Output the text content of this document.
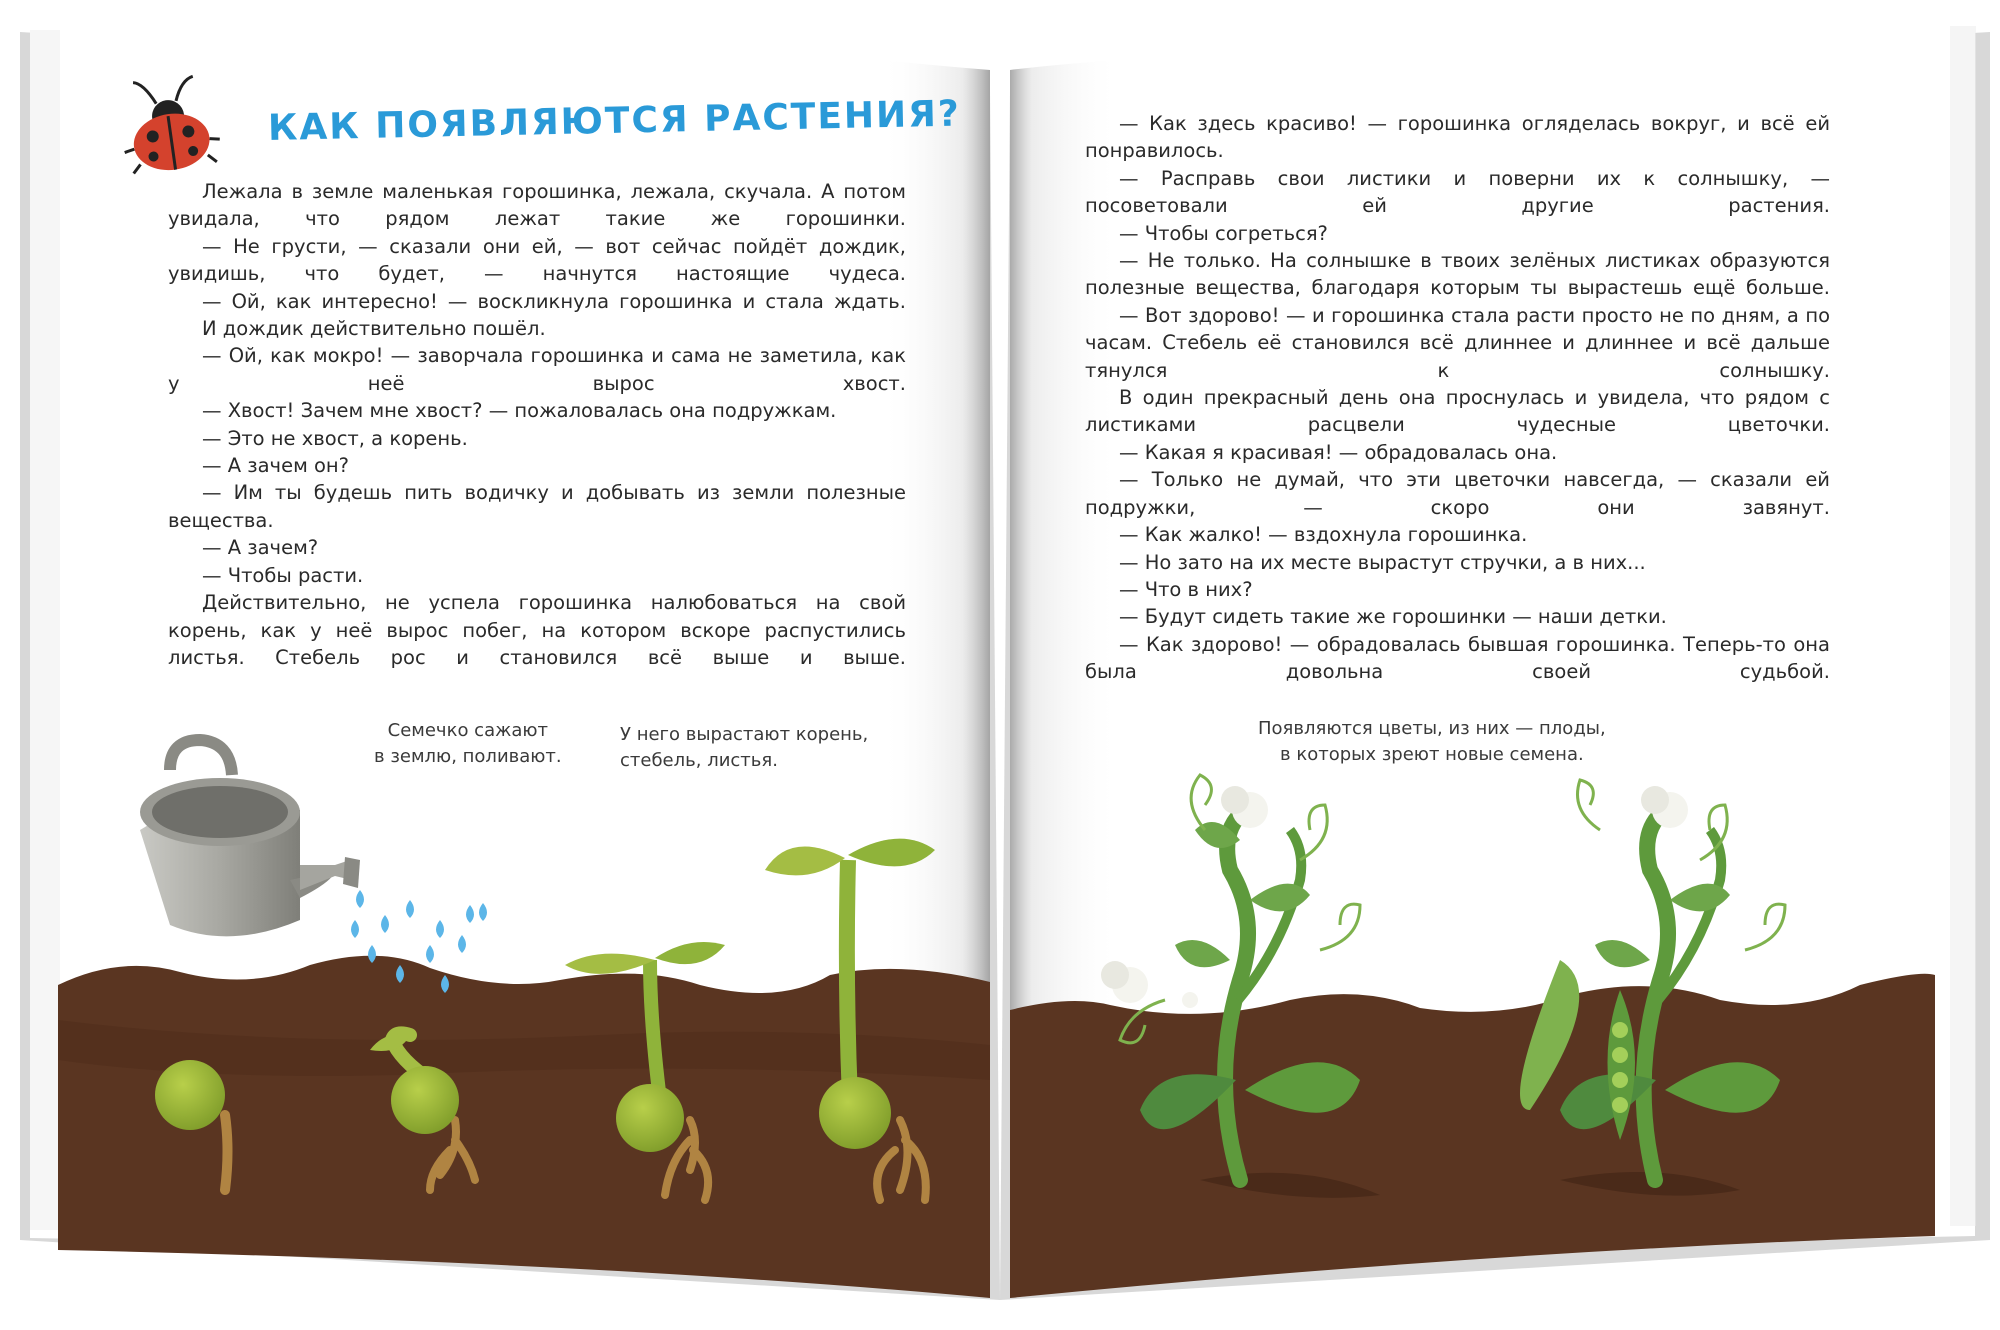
КАК ПОЯВЛЯЮТСЯ РАСТЕНИЯ?

Лежала в земле маленькая горошинка, лежала, скучала. А потом увидала, что рядом лежат такие же горошинки.

— Не грусти, — сказали они ей, — вот сейчас пойдёт дождик, увидишь, что будет, — начнутся настоящие чудеса.

— Ой, как интересно! — воскликнула горошинка и стала ждать.

И дождик действительно пошёл.

— Ой, как мокро! — заворчала горошинка и сама не заметила, как у неё вырос хвост.

— Хвост! Зачем мне хвост? — пожаловалась она подружкам.

— Это не хвост, а корень.

— А зачем он?

— Им ты будешь пить водичку и добывать из земли полезные вещества.

— А зачем?

— Чтобы расти.

Действительно, не успела горошинка налюбоваться на свой корень, как у неё вырос побег, на котором вскоре распустились листья. Стебель рос и становился всё выше и выше.

Семечко сажают
в землю, поливают.
У него вырастают корень,
стебель, листья.

— Как здесь красиво! — горошинка огляделась вокруг, и всё ей понравилось.

— Расправь свои листики и поверни их к солнышку, — посоветовали ей другие растения.

— Чтобы согреться?

— Не только. На солнышке в твоих зелёных листиках образуются полезные вещества, благодаря которым ты вырастешь ещё больше.

— Вот здорово! — и горошинка стала расти просто не по дням, а по часам. Стебель её становился всё длиннее и длиннее и всё дальше тянулся к солнышку.

В один прекрасный день она проснулась и увидела, что рядом с листиками расцвели чудесные цветочки.

— Какая я красивая! — обрадовалась она.

— Только не думай, что эти цветочки навсегда, — сказали ей подружки, — скоро они завянут.

— Как жалко! — вздохнула горошинка.

— Но зато на их месте вырастут стручки, а в них...

— Что в них?

— Будут сидеть такие же горошинки — наши детки.

— Как здорово! — обрадовалась бывшая горошинка. Теперь-то она была довольна своей судьбой.

Появляются цветы, из них — плоды,
в которых зреют новые семена.
